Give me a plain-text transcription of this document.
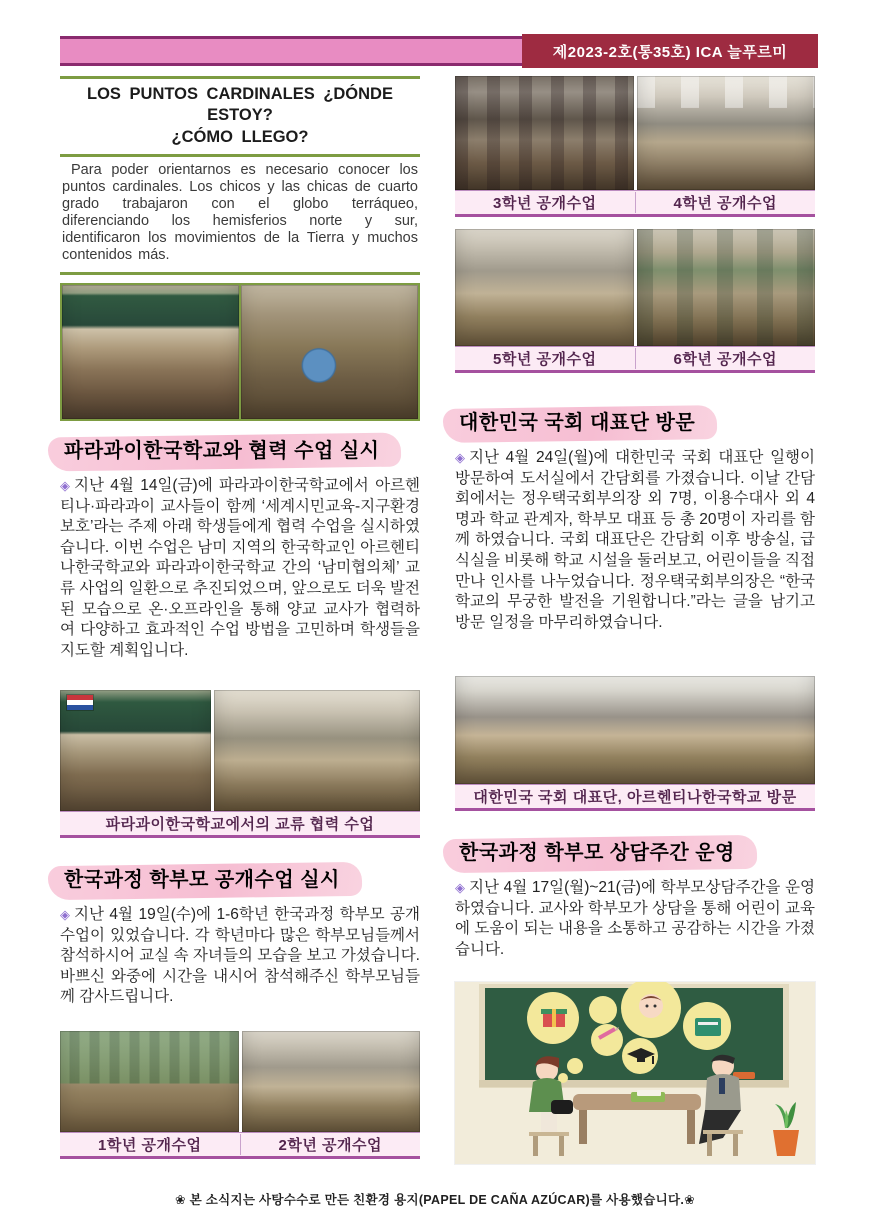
제2023-2호(통35호) ICA 늘푸르미
LOS PUNTOS CARDINALES ¿DÓNDE ESTOY?
¿CÓMO LLEGO?

Para poder orientarnos es necesario conocer los puntos cardinales. Los chicos y las chicas de cuarto grado trabajaron con el globo terráqueo, diferenciando los hemisferios norte y sur, identificaron los movimientos de la Tierra y muchos contenidos más.

파라과이한국학교와 협력 수업 실시

◈ 지난 4월 14일(금)에 파라과이한국학교에서 아르헨티나·파라과이 교사들이 함께 ‘세계시민교육-지구환경보호’라는 주제 아래 학생들에게 협력 수업을 실시하였습니다. 이번 수업은 남미 지역의 한국학교인 아르헨티나한국학교와 파라과이한국학교 간의 ‘남미협의체’ 교류 사업의 일환으로 추진되었으며, 앞으로도 더욱 발전된 모습으로 온·오프라인을 통해 양교 교사가 협력하여 다양하고 효과적인 수업 방법을 고민하며 학생들을 지도할 계획입니다.

파라과이한국학교에서의 교류 협력 수업
한국과정 학부모 공개수업 실시

◈ 지난 4월 19일(수)에 1-6학년 한국과정 학부모 공개수업이 있었습니다. 각 학년마다 많은 학부모님들께서 참석하시어 교실 속 자녀들의 모습을 보고 가셨습니다. 바쁘신 와중에 시간을 내시어 참석해주신 학부모님들께 감사드립니다.

1학년 공개수업	2학년 공개수업
3학년 공개수업	4학년 공개수업
5학년 공개수업	6학년 공개수업
대한민국 국회 대표단 방문

◈ 지난 4월 24일(월)에 대한민국 국회 대표단 일행이 방문하여 도서실에서 간담회를 가졌습니다. 이날 간담회에서는 정우택국회부의장 외 7명, 이용수대사 외 4명과 학교 관계자, 학부모 대표 등 총 20명이 자리를 함께 하였습니다. 국회 대표단은 간담회 이후 방송실, 급식실을 비롯해 학교 시설을 둘러보고, 어린이들을 직접 만나 인사를 나누었습니다. 정우택국회부의장은 “한국 학교의 무궁한 발전을 기원합니다.”라는 글을 남기고 방문 일정을 마무리하였습니다.

대한민국 국회 대표단, 아르헨티나한국학교 방문
한국과정 학부모 상담주간 운영

◈ 지난 4월 17일(월)~21(금)에 학부모상담주간을 운영하였습니다. 교사와 학부모가 상담을 통해 어린이 교육에 도움이 되는 내용을 소통하고 공감하는 시간을 가졌습니다.

❀ 본 소식지는 사탕수수로 만든 친환경 용지(PAPEL DE CAÑA AZÚCAR)를 사용했습니다.❀
